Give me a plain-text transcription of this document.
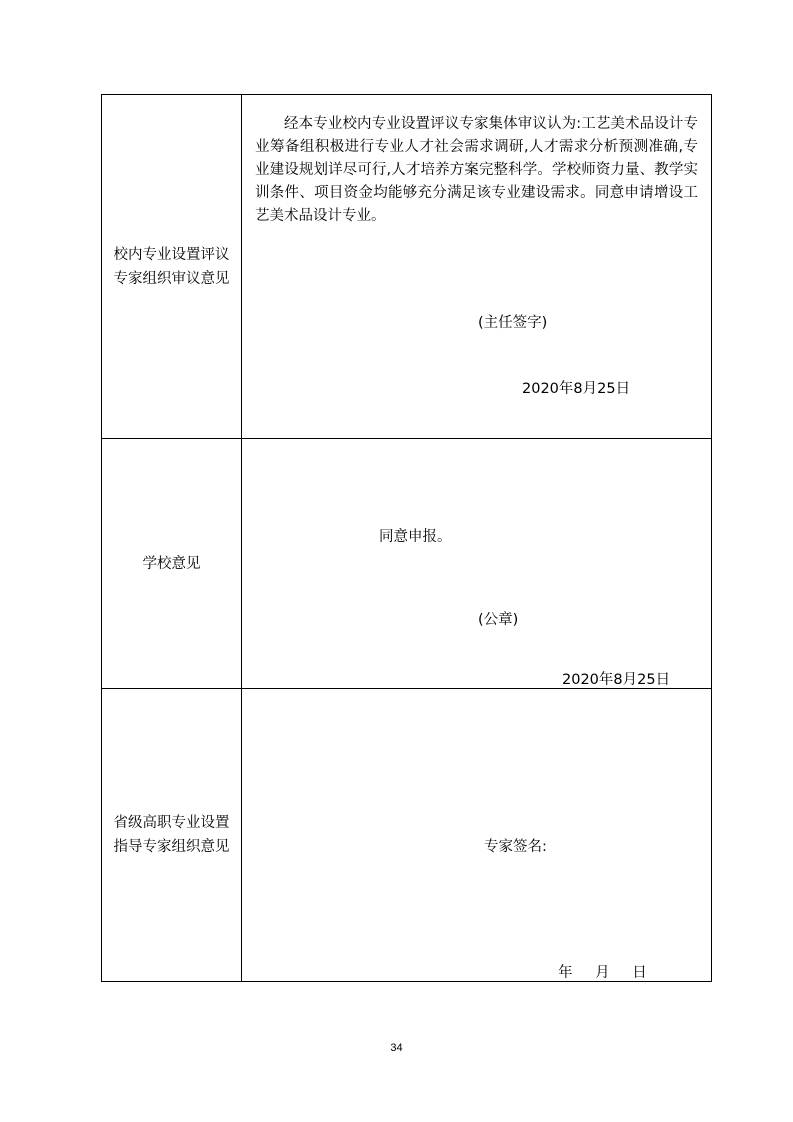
校内专业设置评议专家组织审议意见
经本专业校内专业设置评议专家集体审议认为:工艺美术品设计专业筹备组积极进行专业人才社会需求调研,人才需求分析预测准确,专业建设规划详尽可行,人才培养方案完整科学。学校师资力量、教学实训条件、项目资金均能够充分满足该专业建设需求。同意申请增设工艺美术品设计专业。
(主任签字)
2020年8月25日
学校意见
同意申报。
(公章)
2020年8月25日
省级高职专业设置指导专家组织意见	专家签名:
年 月 日
34
